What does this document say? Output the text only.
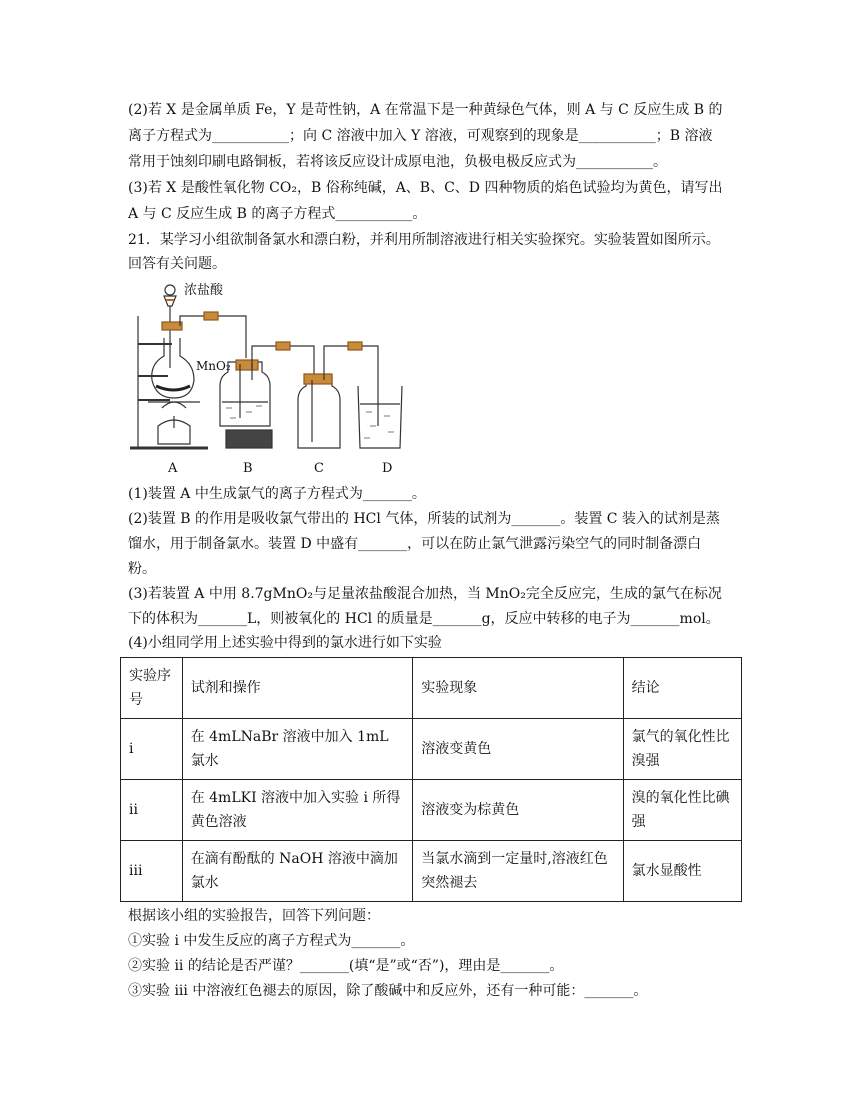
(2)若 X 是金属单质 Fe，Y 是苛性钠，A 在常温下是一种黄绿色气体，则 A 与 C 反应生成 B 的
离子方程式为___________；向 C 溶液中加入 Y 溶液，可观察到的现象是___________；B 溶液
常用于蚀刻印刷电路铜板，若将该反应设计成原电池，负极电极反应式为___________。
(3)若 X 是酸性氧化物 CO₂，B 俗称纯碱，A、B、C、D 四种物质的焰色试验均为黄色，请写出
A 与 C 反应生成 B 的离子方程式___________。
21．某学习小组欲制备氯水和漂白粉，并利用所制溶液进行相关实验探究。实验装置如图所示。
回答有关问题。
浓盐酸
MnO₂
A	B	C	D
(1)装置 A 中生成氯气的离子方程式为_______。
(2)装置 B 的作用是吸收氯气带出的 HCl 气体，所装的试剂为_______。装置 C 装入的试剂是蒸
馏水，用于制备氯水。装置 D 中盛有_______，可以在防止氯气泄露污染空气的同时制备漂白
粉。
(3)若装置 A 中用 8.7gMnO₂与足量浓盐酸混合加热，当 MnO₂完全反应完，生成的氯气在标况
下的体积为_______L，则被氧化的 HCl 的质量是_______g，反应中转移的电子为_______mol。
(4)小组同学用上述实验中得到的氯水进行如下实验
实验序号	试剂和操作	实验现象	结论
i	在 4mLNaBr 溶液中加入 1mL 氯水	溶液变黄色	氯气的氧化性比溴强
ii	在 4mLKI 溶液中加入实验 i 所得黄色溶液	溶液变为棕黄色	溴的氧化性比碘强
iii	在滴有酚酞的 NaOH 溶液中滴加氯水	当氯水滴到一定量时,溶液红色突然褪去	氯水显酸性
根据该小组的实验报告，回答下列问题：
①实验 i 中发生反应的离子方程式为_______。
②实验 ii 的结论是否严谨？_______(填“是”或“否”)，理由是_______。
③实验 iii 中溶液红色褪去的原因，除了酸碱中和反应外，还有一种可能：_______。
